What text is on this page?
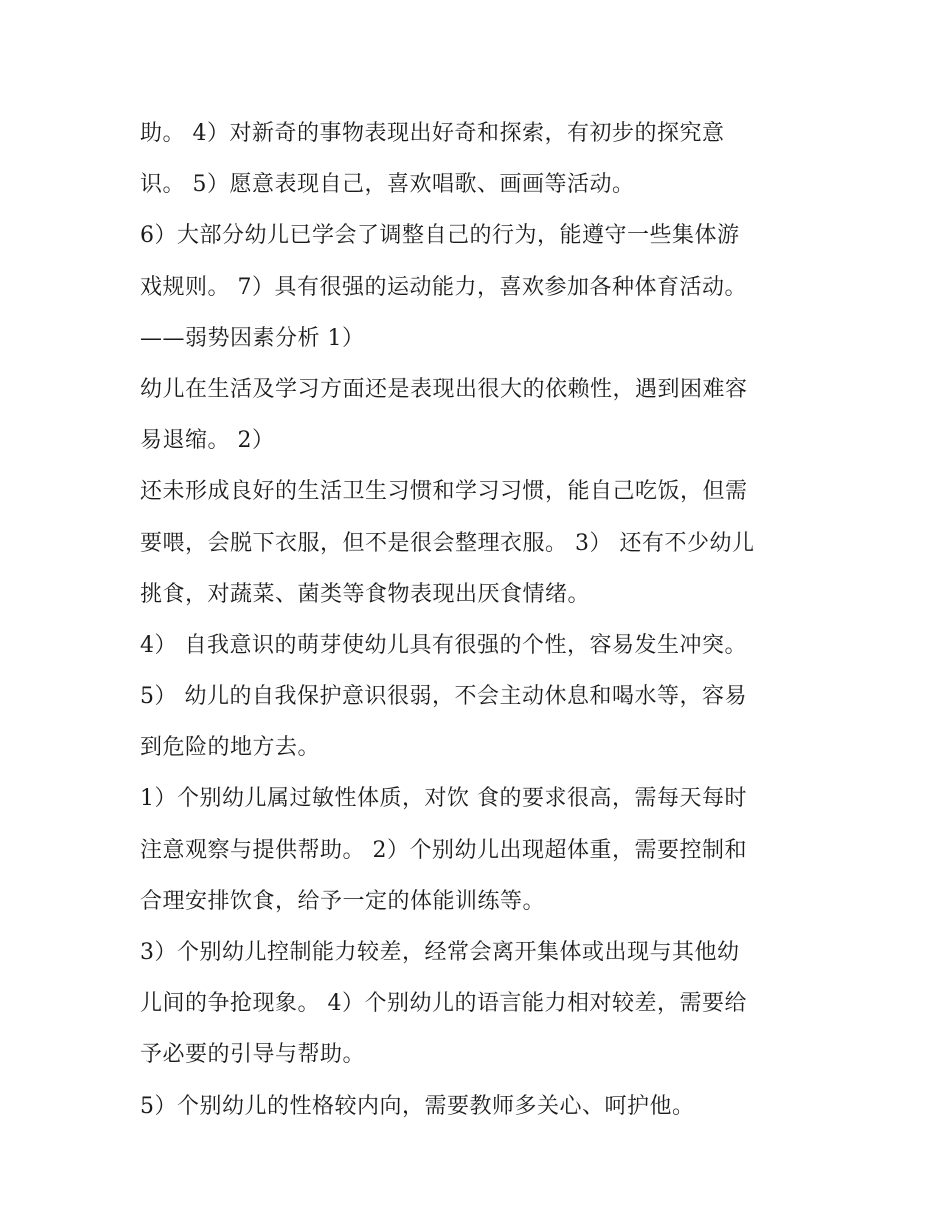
助。 4）对新奇的事物表现出好奇和探索，有初步的探究意
识。 5）愿意表现自己，喜欢唱歌、画画等活动。
6）大部分幼儿已学会了调整自己的行为，能遵守一些集体游
戏规则。 7）具有很强的运动能力，喜欢参加各种体育活动。
——弱势因素分析 1）
幼儿在生活及学习方面还是表现出很大的依赖性，遇到困难容
易退缩。 2）
还未形成良好的生活卫生习惯和学习习惯，能自己吃饭，但需
要喂，会脱下衣服，但不是很会整理衣服。 3） 还有不少幼儿
挑食，对蔬菜、菌类等食物表现出厌食情绪。
4） 自我意识的萌芽使幼儿具有很强的个性，容易发生冲突。
5） 幼儿的自我保护意识很弱，不会主动休息和喝水等，容易
到危险的地方去。
1）个别幼儿属过敏性体质，对饮 食的要求很高，需每天每时
注意观察与提供帮助。 2）个别幼儿出现超体重，需要控制和
合理安排饮食，给予一定的体能训练等。
3）个别幼儿控制能力较差，经常会离开集体或出现与其他幼
儿间的争抢现象。 4）个别幼儿的语言能力相对较差，需要给
予必要的引导与帮助。
5）个别幼儿的性格较内向，需要教师多关心、呵护他。
